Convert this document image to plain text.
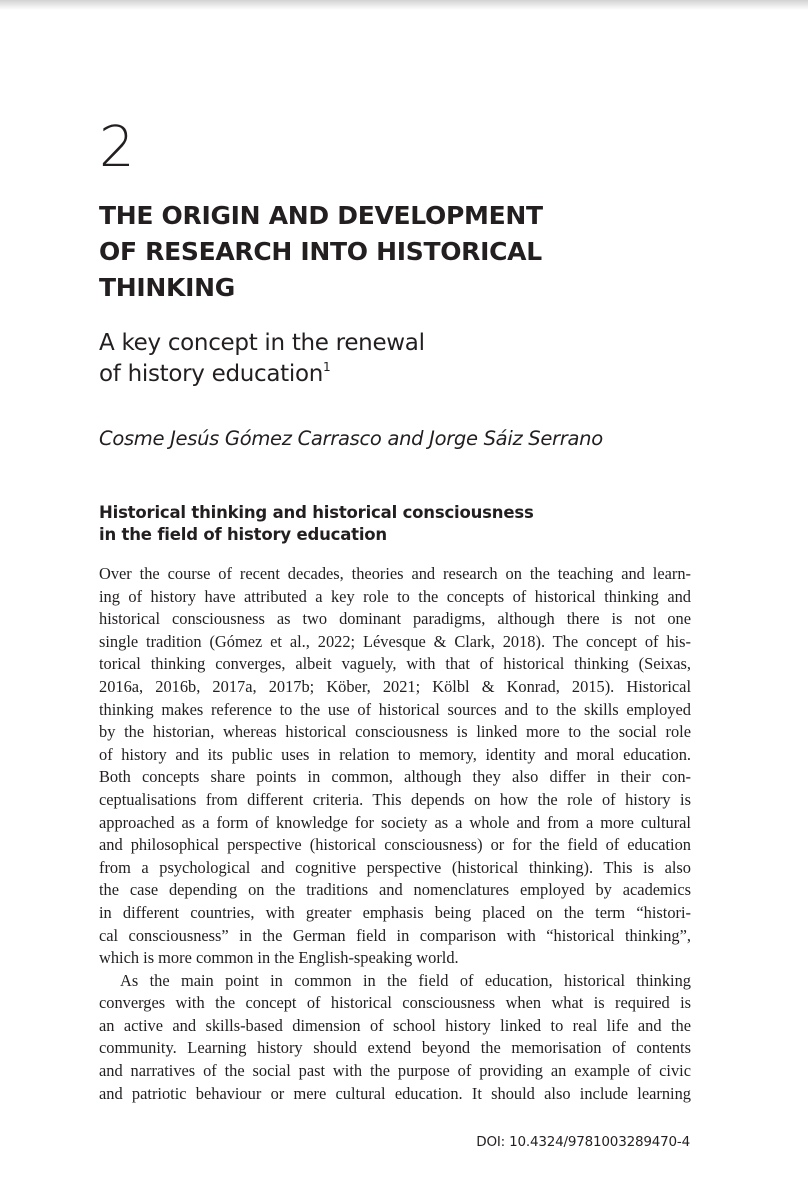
2
THE ORIGIN AND DEVELOPMENT
OF RESEARCH INTO HISTORICAL
THINKING
A key concept in the renewal
of history education$^1$

Cosme Jesús Gómez Carrasco and Jorge Sáiz Serrano

Historical thinking and historical consciousness
in the field of history education
Over the course of recent decades, theories and research on the teaching and learn-
ing of history have attributed a key role to the concepts of historical thinking and
historical consciousness as two dominant paradigms, although there is not one
single tradition (Gómez et al., 2022; Lévesque & Clark, 2018). The concept of his-
torical thinking converges, albeit vaguely, with that of historical thinking (Seixas,
2016a, 2016b, 2017a, 2017b; Köber, 2021; Kölbl & Konrad, 2015). Historical
thinking makes reference to the use of historical sources and to the skills employed
by the historian, whereas historical consciousness is linked more to the social role
of history and its public uses in relation to memory, identity and moral education.
Both concepts share points in common, although they also differ in their con-
ceptualisations from different criteria. This depends on how the role of history is
approached as a form of knowledge for society as a whole and from a more cultural
and philosophical perspective (historical consciousness) or for the field of education
from a psychological and cognitive perspective (historical thinking). This is also
the case depending on the traditions and nomenclatures employed by academics
in different countries, with greater emphasis being placed on the term “histori-
cal consciousness” in the German field in comparison with “historical thinking”,
which is more common in the English-speaking world.
As the main point in common in the field of education, historical thinking
converges with the concept of historical consciousness when what is required is
an active and skills-based dimension of school history linked to real life and the
community. Learning history should extend beyond the memorisation of contents
and narratives of the social past with the purpose of providing an example of civic
and patriotic behaviour or mere cultural education. It should also include learning

DOI: 10.4324/9781003289470-4
